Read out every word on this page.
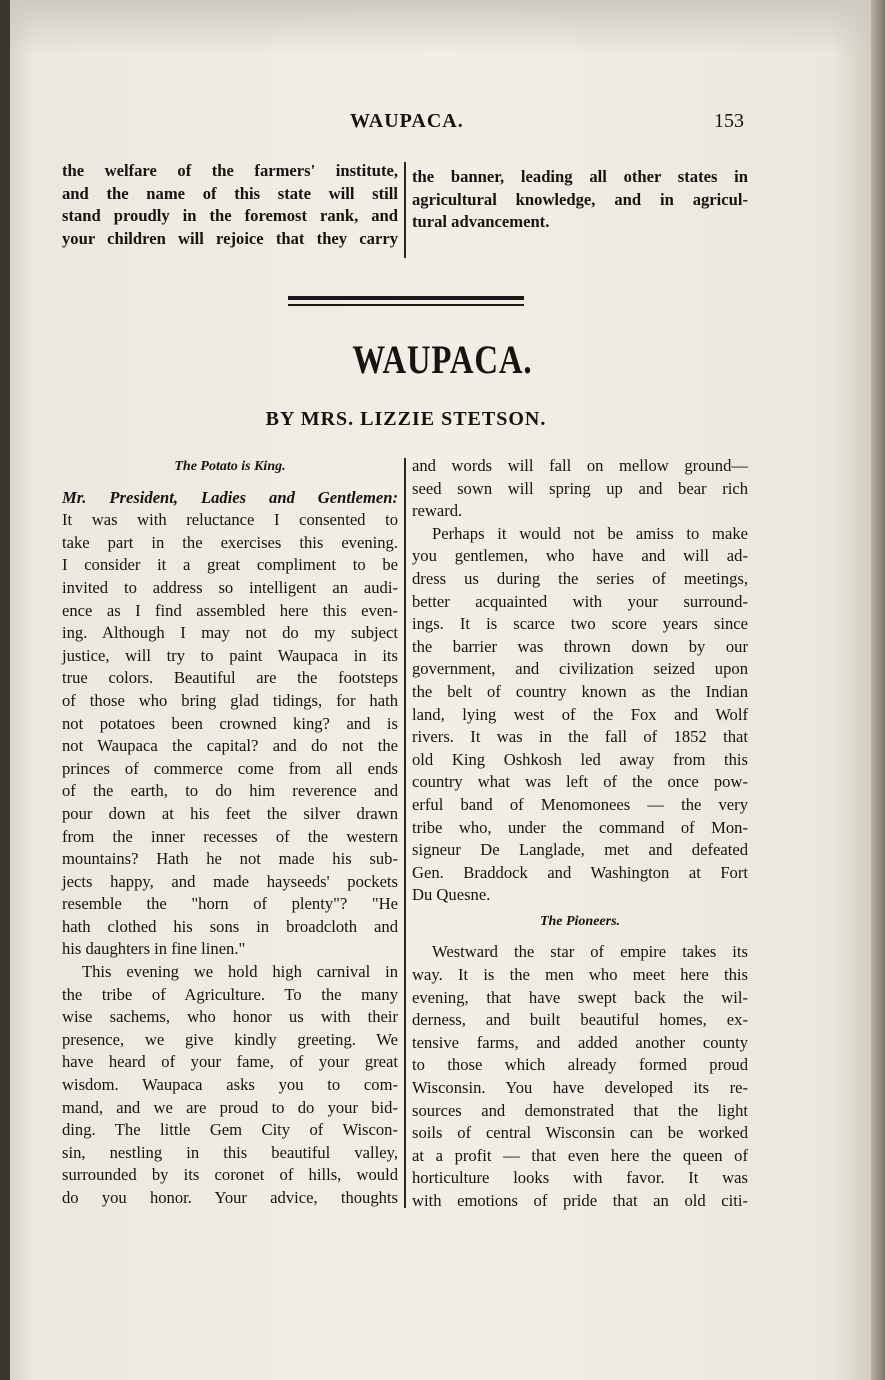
WAUPACA.	153
the welfare of the farmers' institute,
and the name of this state will still
stand proudly in the foremost rank, and
your children will rejoice that they carry
the banner, leading all other states in
agricultural knowledge, and in agricul-
tural advancement.
WAUPACA.
BY MRS. LIZZIE STETSON.
The Potato is King.
Mr. President, Ladies and Gentlemen:
It was with reluctance I consented to
take part in the exercises this evening.
I consider it a great compliment to be
invited to address so intelligent an audi-
ence as I find assembled here this even-
ing. Although I may not do my subject
justice, will try to paint Waupaca in its
true colors. Beautiful are the footsteps
of those who bring glad tidings, for hath
not potatoes been crowned king? and is
not Waupaca the capital? and do not the
princes of commerce come from all ends
of the earth, to do him reverence and
pour down at his feet the silver drawn
from the inner recesses of the western
mountains? Hath he not made his sub-
jects happy, and made hayseeds' pockets
resemble the "horn of plenty"? "He
hath clothed his sons in broadcloth and
his daughters in fine linen."
This evening we hold high carnival in
the tribe of Agriculture. To the many
wise sachems, who honor us with their
presence, we give kindly greeting. We
have heard of your fame, of your great
wisdom. Waupaca asks you to com-
mand, and we are proud to do your bid-
ding. The little Gem City of Wiscon-
sin, nestling in this beautiful valley,
surrounded by its coronet of hills, would
do you honor. Your advice, thoughts
and words will fall on mellow ground—
seed sown will spring up and bear rich
reward.
Perhaps it would not be amiss to make
you gentlemen, who have and will ad-
dress us during the series of meetings,
better acquainted with your surround-
ings. It is scarce two score years since
the barrier was thrown down by our
government, and civilization seized upon
the belt of country known as the Indian
land, lying west of the Fox and Wolf
rivers. It was in the fall of 1852 that
old King Oshkosh led away from this
country what was left of the once pow-
erful band of Menomonees — the very
tribe who, under the command of Mon-
signeur De Langlade, met and defeated
Gen. Braddock and Washington at Fort
Du Quesne.
The Pioneers.
Westward the star of empire takes its
way. It is the men who meet here this
evening, that have swept back the wil-
derness, and built beautiful homes, ex-
tensive farms, and added another county
to those which already formed proud
Wisconsin. You have developed its re-
sources and demonstrated that the light
soils of central Wisconsin can be worked
at a profit — that even here the queen of
horticulture looks with favor. It was
with emotions of pride that an old citi-
